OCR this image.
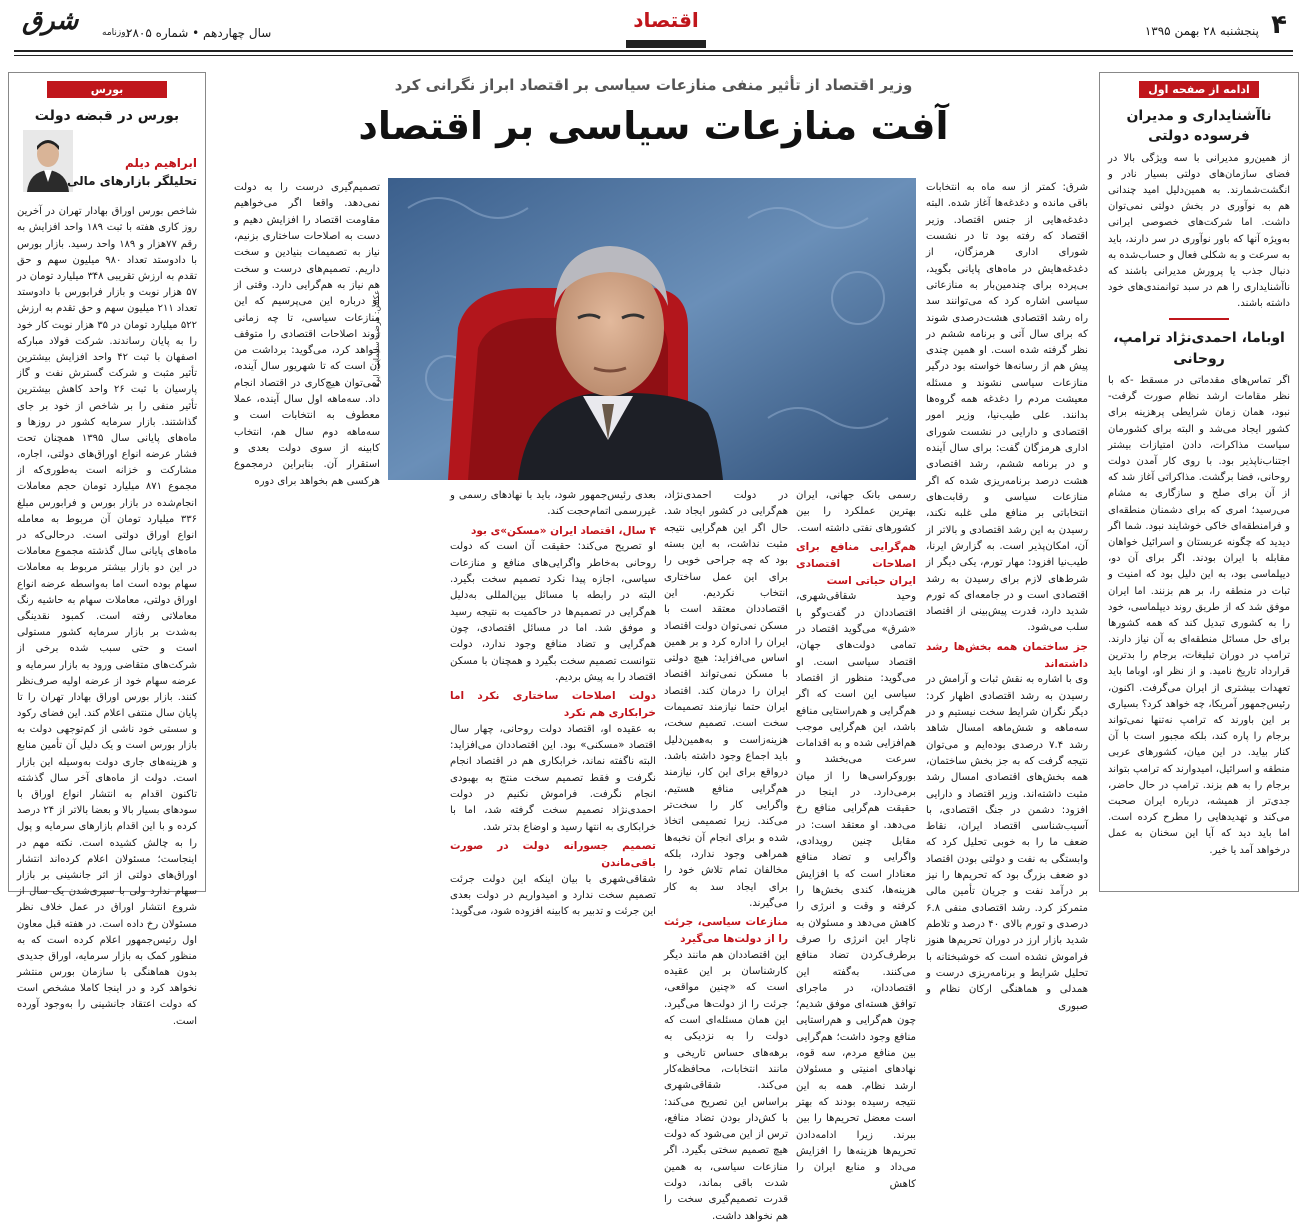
۴
پنجشنبه ۲۸ بهمن ۱۳۹۵
اقتصاد
شرق	روزنامه
سال چهاردهم • شماره ۲۸۰۵
بورس
بورس در قبضه دولت
ابراهیم دیلم
تحلیلگر بازارهای مالی

شاخص بورس اوراق بهادار تهران در آخرین روز کاری هفته با ثبت ۱۸۹ واحد افزایش به رقم ۷۷هزار و ۱۸۹ واحد رسید. بازار بورس با دادوستد تعداد ۹۸۰ میلیون سهم و حق تقدم به ارزش تقریبی ۳۴۸ میلیارد تومان در ۵۷ هزار نوبت و بازار فرابورس با دادوستد تعداد ۲۱۱ میلیون سهم و حق تقدم به ارزش ۵۲۲ میلیارد تومان در ۳۵ هزار نوبت کار خود را به پایان رساندند. شرکت فولاد مبارکه اصفهان با ثبت ۴۲ واحد افزایش بیشترین تأثیر مثبت و شرکت گسترش نفت و گاز پارسیان با ثبت ۲۶ واحد کاهش بیشترین تأثیر منفی را بر شاخص از خود بر جای گذاشتند. بازار سرمایه کشور در روزها و ماه‌های پایانی سال ۱۳۹۵ همچنان تحت فشار عرضه انواع اوراق‌های دولتی، اجاره، مشارکت و خزانه است به‌طوری‌که از مجموع ۸۷۱ میلیارد تومان حجم معاملات انجام‌شده در بازار بورس و فرابورس مبلغ ۳۳۶ میلیارد تومان آن مربوط به معامله انواع اوراق دولتی است. درحالی‌که در ماه‌های پایانی سال گذشته مجموع معاملات در این دو بازار بیشتر مربوط به معاملات سهام بوده است اما به‌واسطه عرضه انواع اوراق دولتی، معاملات سهام به حاشیه رنگ معاملاتی رفته است. کمبود نقدینگی به‌شدت بر بازار سرمایه کشور مستولی است و حتی سبب شده برخی از شرکت‌های متقاضی ورود به بازار سرمایه و عرضه سهام خود از عرضه اولیه صرف‌نظر کنند. بازار بورس اوراق بهادار تهران را تا پایان سال منتفی اعلام کند. این فضای رکود و سستی خود ناشی از کم‌توجهی دولت به بازار بورس است و یک دلیل آن تأمین منابع و هزینه‌های جاری دولت به‌وسیله این بازار است. دولت از ماه‌های آخر سال گذشته تاکنون اقدام به انتشار انواع اوراق با سودهای بسیار بالا و بعضا بالاتر از ۲۴ درصد کرده و با این اقدام بازارهای سرمایه و پول را به چالش کشیده است. نکته مهم در اینجاست؛ مسئولان اعلام کرده‌اند انتشار اوراق‌های دولتی از اثر جانشینی بر بازار سهام ندارد ولی با سپری‌شدن یک سال از شروع انتشار اوراق در عمل خلاف نظر مسئولان رخ داده است. در هفته قبل معاون اول رئیس‌جمهور اعلام کرده است که به منظور کمک به بازار سرمایه، اوراق جدیدی بدون هماهنگی با سازمان بورس منتشر نخواهد کرد و در اینجا کاملا مشخص است که دولت اعتقاد جانشینی را به‌وجود آورده است.

ادامه از صفحه اول
ناآشنایداری و مدیران فرسوده دولتی

از همین‌رو مدیرانی با سه ویژگی بالا در فضای سازمان‌های دولتی بسیار نادر و انگشت‌شمارند. به همین‌دلیل امید چندانی هم به نوآوری در بخش دولتی نمی‌توان داشت. اما شرکت‌های خصوصی ایرانی به‌ویژه آنها که باور نوآوری در سر دارند، باید به سرعت و به شکلی فعال و حساب‌شده به دنبال جذب یا پرورش مدیرانی باشند که ناآشنایداری را هم در سبد توانمندی‌های خود داشته باشند.

اوباما، احمدی‌نژاد ترامپ، روحانی

اگر تماس‌های مقدماتی در مسقط -که با نظر مقامات ارشد نظام صورت گرفت- نبود، همان زمان شرایطی پرهزینه برای کشور ایجاد می‌شد و البته برای کشورمان سیاست مذاکرات، دادن امتیازات بیشتر اجتناب‌ناپذیر بود. با روی کار آمدن دولت روحانی، فضا برگشت. مذاکراتی آغاز شد که از آن برای صلح و سازگاری به مشام می‌رسید؛ امری که برای دشمنان منطقه‌ای و فرامنطقه‌ای خاکی خوشایند نبود. شما اگر دیدید که چگونه عربستان و اسرائیل خواهان مقابله با ایران بودند. اگر برای آن دو، دیپلماسی بود، به این دلیل بود که امنیت و ثبات در منطقه را، بر هم بزنند. اما ایران موفق شد که از طریق روند دیپلماسی، خود را به کشوری تبدیل کند که همه کشورها برای حل مسائل منطقه‌ای به آن نیاز دارند. ترامپ در دوران تبلیغات، برجام را بدترین قرارداد تاریخ نامید. و از نظر او، اوباما باید تعهدات بیشتری از ایران می‌گرفت. اکنون، رئیس‌جمهور آمریکا، چه خواهد کرد؟ بسیاری بر این باورند که ترامپ نه‌تنها نمی‌تواند برجام را پاره کند، بلکه مجبور است با آن کنار بیاید. در این میان، کشورهای عربی منطقه و اسرائیل، امیدوارند که ترامپ بتواند برجام را به هم بزند. ترامپ در حال حاضر، جدی‌تر از همیشه، درباره ایران صحبت می‌کند و تهدیدهایی را مطرح کرده است. اما باید دید که آیا این سخنان به عمل درخواهد آمد یا خیر.

وزیر اقتصاد از تأثیر منفی منازعات سیاسی بر اقتصاد ابراز نگرانی کرد
آفت منازعات سیاسی بر اقتصاد
عکاس: مرضیه سلیمانی، ایرنا

شرق: کمتر از سه ماه به انتخابات باقی مانده و دغدغه‌ها آغاز شده. البته دغدغه‌هایی از جنس اقتصاد. وزیر اقتصاد که رفته بود تا در نشست شورای اداری هرمزگان، از دغدغه‌هایش در ماه‌های پایانی بگوید، بی‌پرده برای چندمین‌بار به منازعاتی سیاسی اشاره کرد که می‌توانند سد راه رشد اقتصادی هشت‌درصدی شوند که برای سال آتی و برنامه ششم در نظر گرفته شده است. او همین چندی پیش هم از رسانه‌ها خواسته بود درگیر منازعات سیاسی نشوند و مسئله معیشت مردم را دغدغه همه گروه‌ها بدانند. علی طیب‌نیا، وزیر امور اقتصادی و دارایی در نشست شورای اداری هرمزگان گفت: برای سال آینده و در برنامه ششم، رشد اقتصادی هشت درصد برنامه‌ریزی شده که اگر منازعات سیاسی و رقابت‌های انتخاباتی بر منافع ملی غلبه نکند، رسیدن به این رشد اقتصادی و بالاتر از آن، امکان‌پذیر است. به گزارش ایرنا، طیب‌نیا افزود: مهار تورم، یکی دیگر از شرط‌های لازم برای رسیدن به رشد اقتصادی است و در جامعه‌ای که تورم شدید دارد، قدرت پیش‌بینی از اقتصاد سلب می‌شود.

جز ساختمان همه بخش‌ها رشد داشته‌اند

وی با اشاره به نقش ثبات و آرامش در رسیدن به رشد اقتصادی اظهار کرد: دیگر نگران شرایط سخت نیستیم و در سه‌ماهه و شش‌ماهه امسال شاهد رشد ۷.۴ درصدی بوده‌ایم و می‌توان نتیجه گرفت که به جز بخش ساختمان، همه بخش‌های اقتصادی امسال رشد مثبت داشته‌اند. وزیر اقتصاد و دارایی افزود: دشمن در جنگ اقتصادی، با آسیب‌شناسی اقتصاد ایران، نقاط ضعف ما را به خوبی تحلیل کرد که وابستگی به نفت و دولتی بودن اقتصاد دو ضعف بزرگ بود که تحریم‌ها را نیز بر درآمد نفت و جریان تأمین مالی متمرکز کرد. رشد اقتصادی منفی ۶.۸ درصدی و تورم بالای ۴۰ درصد و تلاطم شدید بازار ارز در دوران تحریم‌ها هنوز فراموش نشده است که خوشبختانه با تحلیل شرایط و برنامه‌ریزی درست و همدلی و هماهنگی ارکان نظام و صبوری

تصمیم‌گیری درست را به دولت نمی‌دهد. واقعا اگر می‌خواهیم مقاومت اقتصاد را افزایش دهیم و دست به اصلاحات ساختاری بزنیم، نیاز به تصمیمات بنیادین و سخت داریم. تصمیم‌های درست و سخت هم نیاز به هم‌گرایی دارد. وقتی از او درباره این می‌پرسیم که این منازعات سیاسی، تا چه زمانی روند اصلاحات اقتصادی را متوقف خواهد کرد، می‌گوید: برداشت من آن است که تا شهریور سال آینده، نمی‌توان هیچ‌کاری در اقتصاد انجام داد. سه‌ماهه اول سال آینده، عملا معطوف به انتخابات است و سه‌ماهه دوم سال هم، انتخاب کابینه از سوی دولت بعدی و استقرار آن. بنابراین درمجموع هرکسی هم بخواهد برای دوره

رسمی بانک جهانی، ایران بهترین عملکرد را بین کشورهای نفتی داشته است.

هم‌گرایی منافع برای اصلاحات اقتصادی ایران حیاتی است

وحید شقاقی‌شهری، اقتصاددان در گفت‌وگو با «شرق» می‌گوید اقتصاد در تمامی دولت‌های جهان، اقتصاد سیاسی است. او می‌گوید: منظور از اقتصاد سیاسی این است که اگر هم‌گرایی و هم‌راستایی منافع باشد، این هم‌گرایی موجب هم‌افزایی شده و به اقدامات سرعت می‌بخشد و بوروکراسی‌ها را از میان برمی‌دارد. در اینجا در حقیقت هم‌گرایی منافع رخ می‌دهد. او معتقد است: در مقابل چنین رویدادی، واگرایی و تضاد منافع معنادار است که با افزایش هزینه‌ها، کندی بخش‌ها را کرفته و وقت و انرژی را کاهش می‌دهد و مسئولان به ناچار این انرژی را صرف برطرف‌کردن تضاد منافع می‌کنند. به‌گفته این اقتصاددان، در ماجرای توافق هسته‌ای موفق شدیم؛ چون هم‌گرایی و هم‌راستایی منافع وجود داشت؛ هم‌گرایی بین منافع مردم، سه قوه، نهادهای امنیتی و مسئولان ارشد نظام. همه به این نتیجه رسیده بودند که بهتر است معضل تحریم‌ها را بین ببرند. زیرا ادامه‌دادن تحریم‌ها هزینه‌ها را افزایش می‌داد و منابع ایران را کاهش

در دولت احمدی‌نژاد، هم‌گرایی در کشور ایجاد شد. حال اگر این هم‌گرایی نتیجه مثبت نداشت، به این بسته بود که چه جراحی خوبی را برای این عمل ساختاری انتخاب نکردیم. این اقتصاددان معتقد است با مسکن نمی‌توان دولت اقتصاد ایران را اداره کرد و بر همین اساس می‌افزاید: هیچ دولتی با مسکن نمی‌تواند اقتصاد ایران را درمان کند. اقتصاد ایران حتما نیازمند تصمیمات سخت است. تصمیم سخت، هزینه‌زاست و به‌همین‌دلیل باید اجماع وجود داشته باشد. درواقع برای این کار، نیازمند هم‌گرایی منافع هستیم. واگرایی کار را سخت‌تر می‌کند. زیرا تصمیمی اتخاذ شده و برای انجام آن نخبه‌ها همراهی وجود ندارد، بلکه مخالفان تمام تلاش خود را برای ایجاد سد به کار می‌گیرند.

منازعات سیاسی، جرئت را از دولت‌ها می‌گیرد

این اقتصاددان هم مانند دیگر کارشناسان بر این عقیده است که «چنین مواقعی، جرئت را از دولت‌ها می‌گیرد. این همان مسئله‌ای است که دولت را به نزدیکی به برهه‌های حساس تاریخی و مانند انتخابات، محافظه‌کار می‌کند. شقاقی‌شهری براساس این تصریح می‌کند: با کش‌دار بودن تضاد منافع، ترس از این می‌شود که دولت هیچ تصمیم سختی بگیرد. اگر منازعات سیاسی، به همین شدت باقی بماند، دولت قدرت تصمیم‌گیری سخت را هم نخواهد داشت.

بعدی رئیس‌جمهور شود، باید با نهادهای رسمی و غیررسمی اتمام‌حجت کند.

۴ سال، اقتصاد ایران «مسکن»ی بود

او تصریح می‌کند: حقیقت آن است که دولت روحانی به‌خاطر واگرایی‌های منافع و منازعات سیاسی، اجازه پیدا نکرد تصمیم سخت بگیرد. البته در رابطه با مسائل بین‌المللی به‌دلیل هم‌گرایی در تصمیم‌ها در حاکمیت به نتیجه رسید و موفق شد. اما در مسائل اقتصادی، چون هم‌گرایی و تضاد منافع وجود ندارد، دولت نتوانست تصمیم سخت بگیرد و همچنان با مسکن اقتصاد را به پیش بردیم.

دولت اصلاحات ساختاری نکرد اما خرابکاری هم نکرد

به عقیده او، اقتصاد دولت روحانی، چهار سال اقتصاد «مسکنی» بود. این اقتصاددان می‌افزاید: البته ناگفته نماند، خرابکاری هم در اقتصاد انجام نگرفت و فقط تصمیم سخت منتج به بهبودی انجام نگرفت. فراموش نکنیم در دولت احمدی‌نژاد تصمیم سخت گرفته شد، اما با خرابکاری به انتها رسید و اوضاع بدتر شد.

تصمیم جسورانه دولت در صورت باقی‌ماندن

شقاقی‌شهری با بیان اینکه این دولت جرئت تصمیم سخت ندارد و امیدواریم در دولت بعدی این جرئت و تدبیر به کابینه افزوده شود، می‌گوید:
